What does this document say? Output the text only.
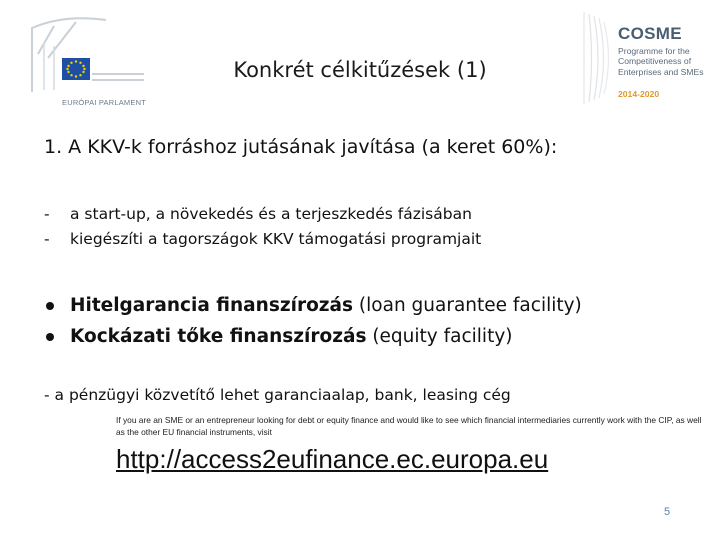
EURÓPAI PARLAMENT
COSME
Programme for the Competitiveness of Enterprises and SMEs
2014-2020
Konkrét célkitűzések (1)
1. A KKV-k forráshoz jutásának javítása (a keret 60%):
- a start-up, a növekedés és a terjeszkedés fázisában
- kiegészíti a tagországok KKV támogatási programjait
Hitelgarancia finanszírozás (loan guarantee facility)
Kockázati tőke finanszírozás (equity facility)
- a pénzügyi közvetítő lehet garanciaalap, bank, leasing cég
If you are an SME or an entrepreneur looking for debt or equity finance and would like to see which financial intermediaries currently work with the CIP, as well as the other EU financial instruments, visit
http://access2eufinance.ec.europa.eu
5
